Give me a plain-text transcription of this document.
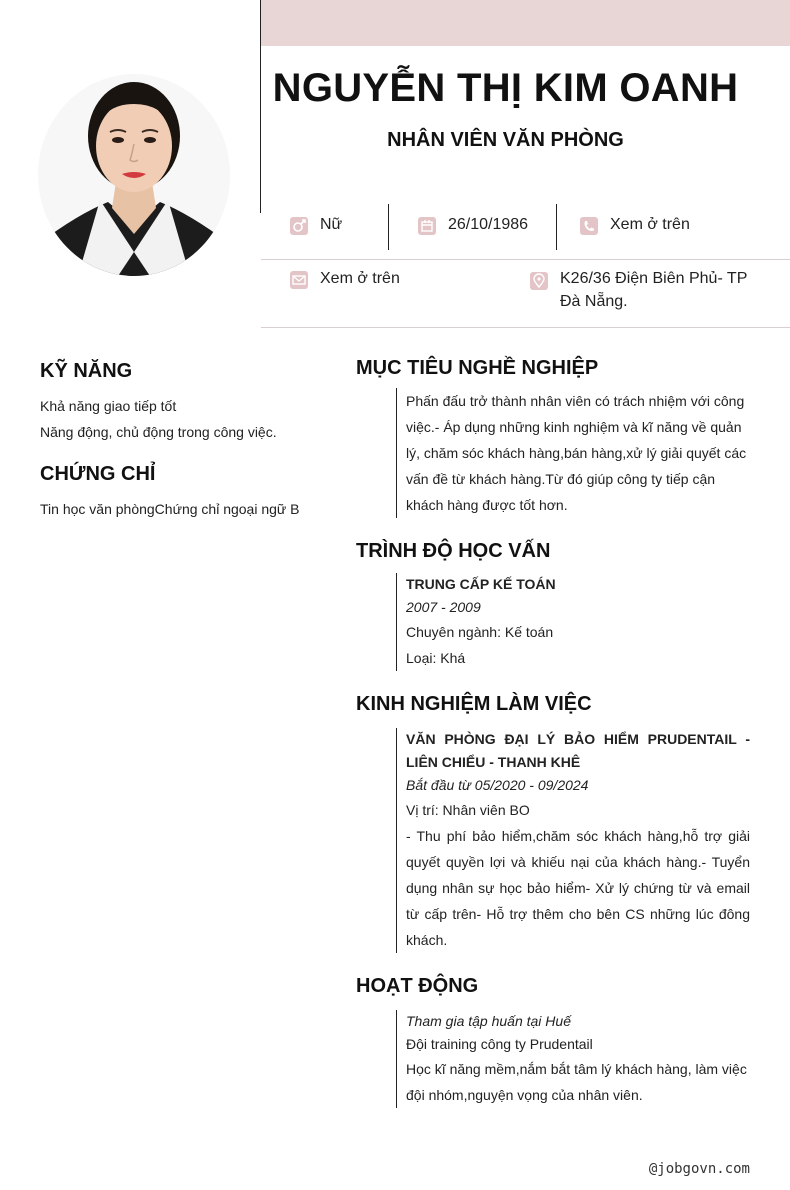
NGUYỄN THỊ KIM OANH
NHÂN VIÊN VĂN PHÒNG
Nữ	26/10/1986	Xem ở trên
Xem ở trên	K26/36 Điện Biên Phủ- TP Đà Nẵng.
KỸ NĂNG

Khả năng giao tiếp tốt

Năng động, chủ động trong công việc.

CHỨNG CHỈ

Tin học văn phòngChứng chỉ ngoại ngữ B

MỤC TIÊU NGHỀ NGHIỆP

Phấn đấu trở thành nhân viên có trách nhiệm với công việc.- Áp dụng những kinh nghiệm và kĩ năng về quản lý, chăm sóc khách hàng,bán hàng,xử lý giải quyết các vấn đề từ khách hàng.Từ đó giúp công ty tiếp cận khách hàng được tốt hơn.

TRÌNH ĐỘ HỌC VẤN

TRUNG CẤP KẾ TOÁN

2007 - 2009

Chuyên ngành: Kế toán

Loại: Khá

KINH NGHIỆM LÀM VIỆC

VĂN PHÒNG ĐẠI LÝ BẢO HIỂM PRUDENTAIL - LIÊN CHIỂU - THANH KHÊ

Bắt đầu từ 05/2020 - 09/2024

Vị trí: Nhân viên BO

- Thu phí bảo hiểm,chăm sóc khách hàng,hỗ trợ giải quyết quyền lợi và khiếu nại của khách hàng.- Tuyển dụng nhân sự học bảo hiểm- Xử lý chứng từ và email từ cấp trên- Hỗ trợ thêm cho bên CS những lúc đông khách.

HOẠT ĐỘNG

Tham gia tập huấn tại Huế

Đội training công ty Prudentail

Học kĩ năng mềm,nắm bắt tâm lý khách hàng, làm việc đội nhóm,nguyện vọng của nhân viên.

@jobgovn.com
